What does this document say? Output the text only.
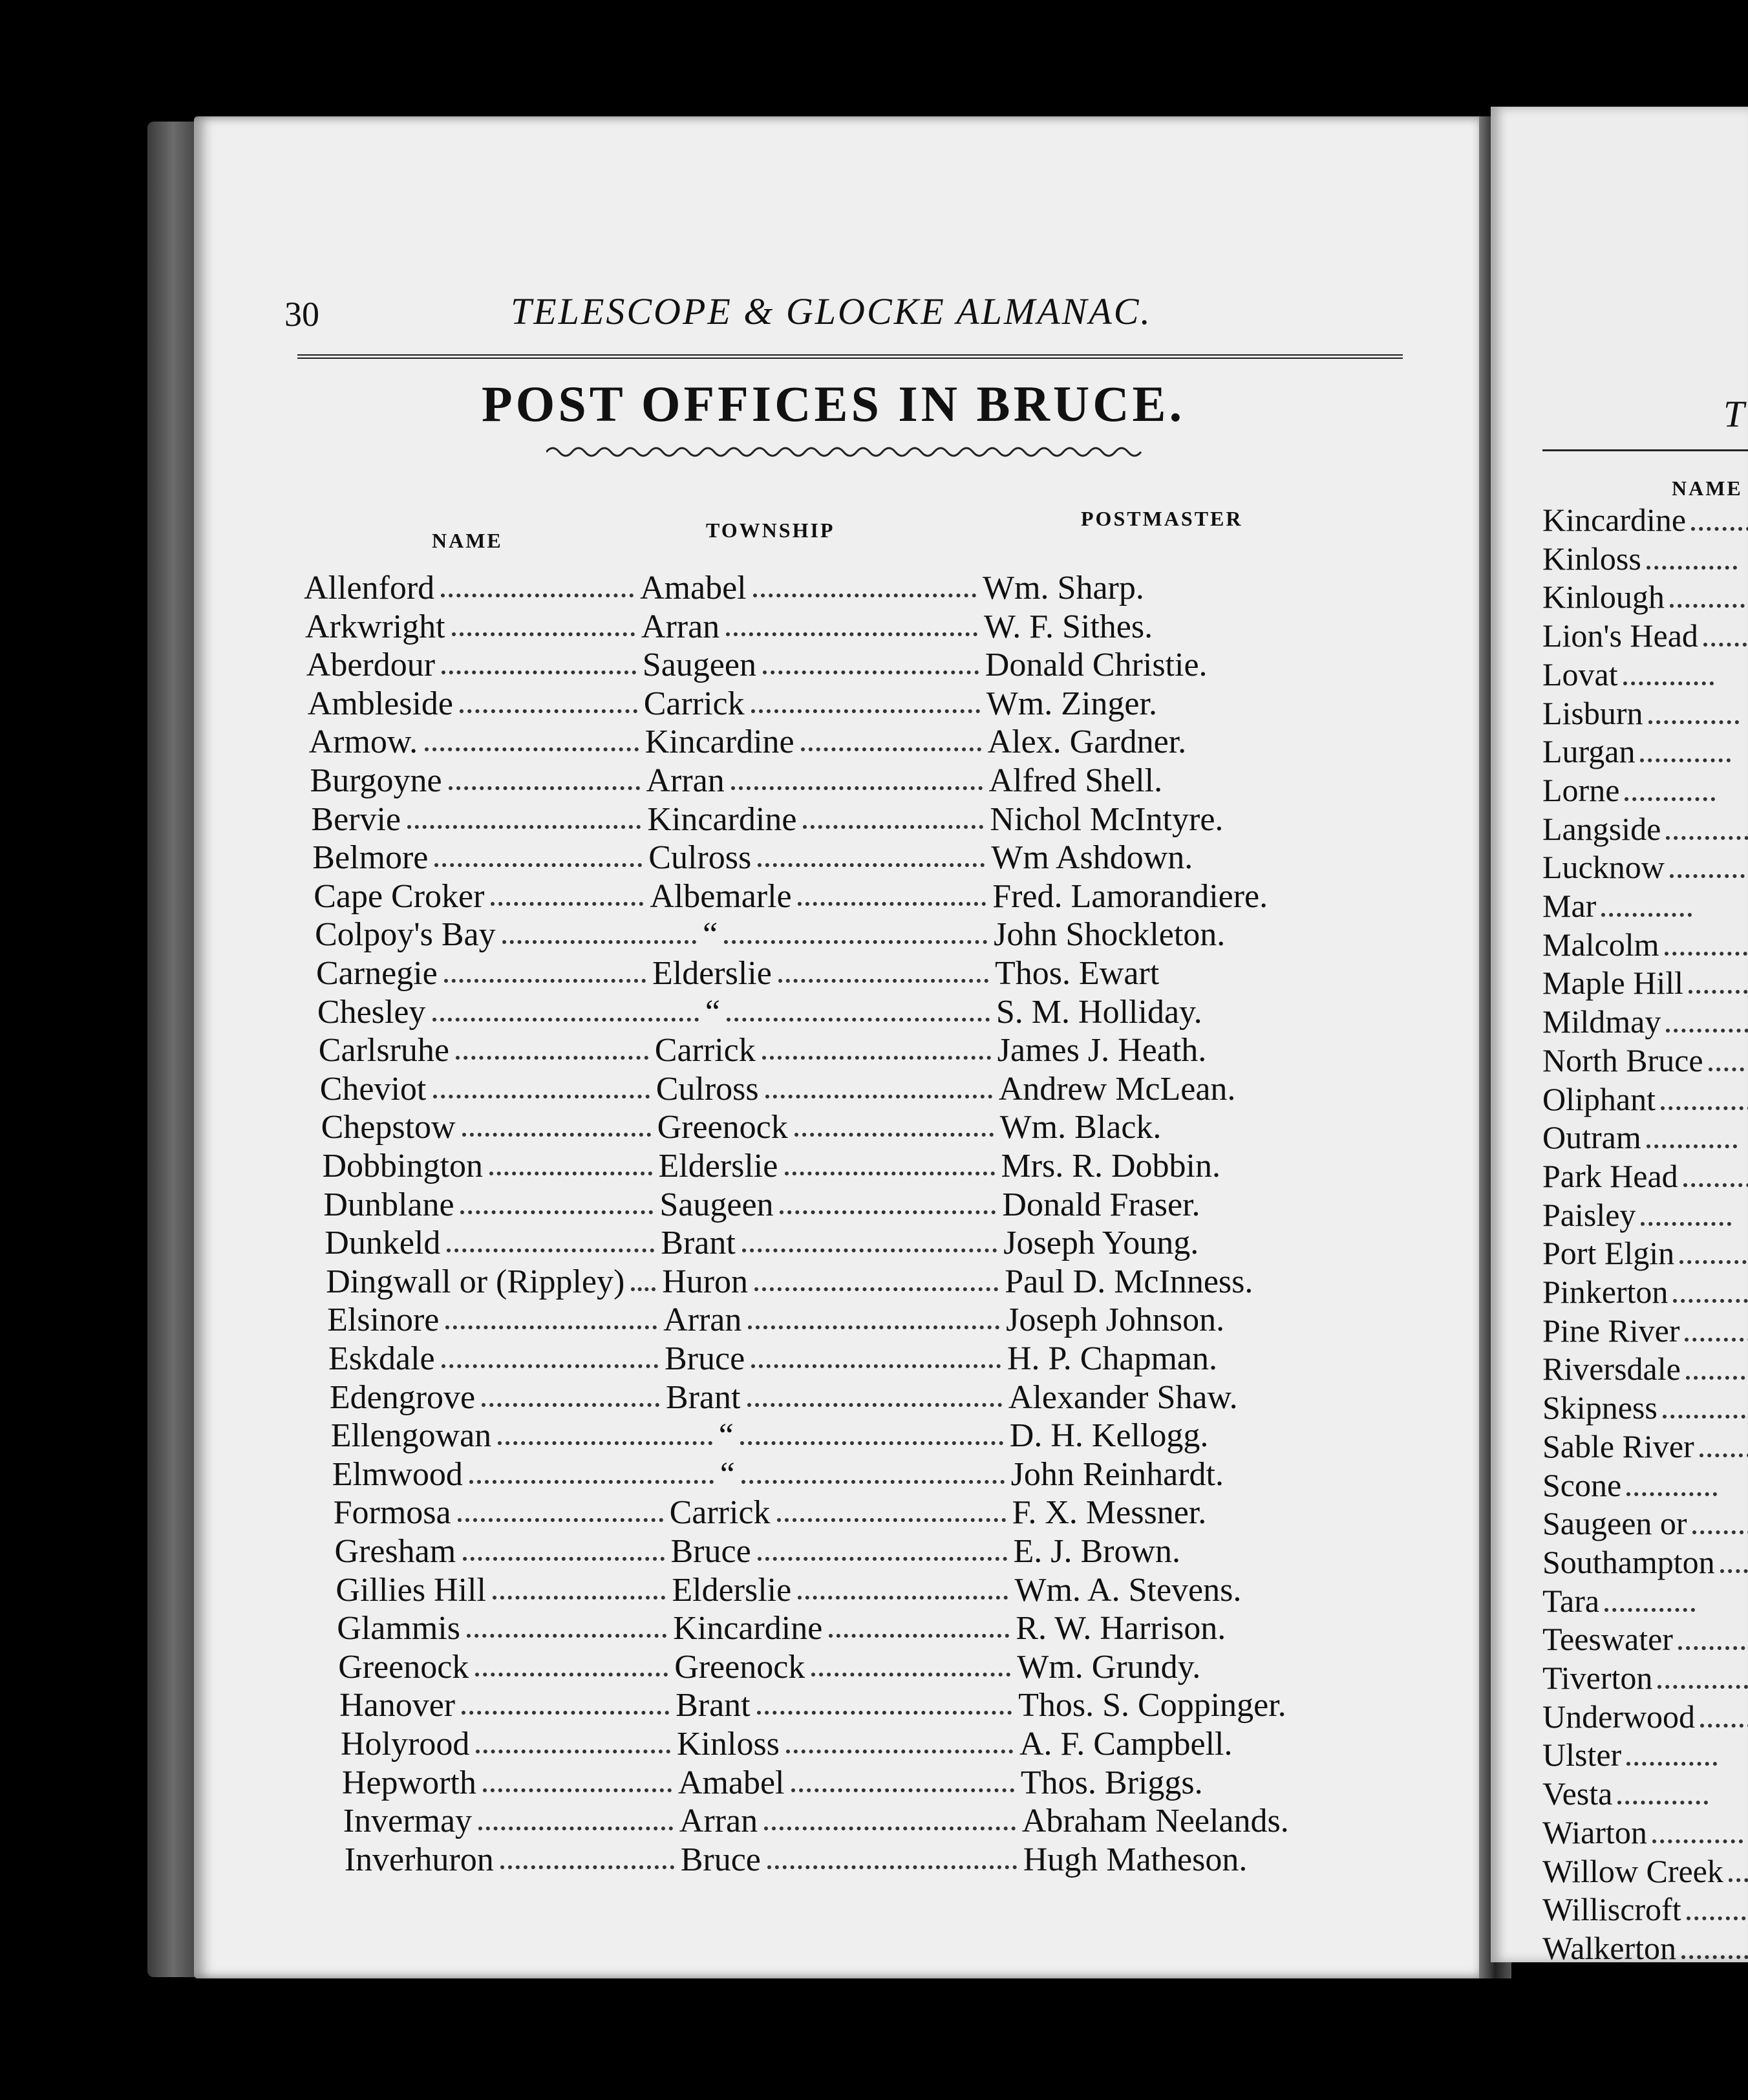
30	TELESCOPE & GLOCKE ALMANAC.
POST OFFICES IN BRUCE.
NAME	TOWNSHIP	POSTMASTER
Allenford	Amabel	Wm. Sharp.
Arkwright	Arran	W. F. Sithes.
Aberdour	Saugeen	Donald Christie.
Ambleside	Carrick	Wm. Zinger.
Armow.	Kincardine	Alex. Gardner.
Burgoyne	Arran	Alfred Shell.
Bervie	Kincardine	Nichol McIntyre.
Belmore	Culross	Wm Ashdown.
Cape Croker	Albemarle	Fred. Lamorandiere.
Colpoy's Bay	“	John Shockleton.
Carnegie	Elderslie	Thos. Ewart
Chesley	“	S. M. Holliday.
Carlsruhe	Carrick	James J. Heath.
Cheviot	Culross	Andrew McLean.
Chepstow	Greenock	Wm. Black.
Dobbington	Elderslie	Mrs. R. Dobbin.
Dunblane	Saugeen	Donald Fraser.
Dunkeld	Brant	Joseph Young.
Dingwall or (Rippley) Huron	Paul D. McInness.
Elsinore	Arran	Joseph Johnson.
Eskdale	Bruce	H. P. Chapman.
Edengrove	Brant	Alexander Shaw.
Ellengowan	“	D. H. Kellogg.
Elmwood	“	John Reinhardt.
Formosa	Carrick	F. X. Messner.
Gresham	Bruce	E. J. Brown.
Gillies Hill	Elderslie	Wm. A. Stevens.
Glammis	Kincardine	R. W. Harrison.
Greenock	Greenock	Wm. Grundy.
Hanover	Brant	Thos. S. Coppinger.
Holyrood	Kinloss	A. F. Campbell.
Hepworth	Amabel	Thos. Briggs.
Invermay	Arran	Abraham Neelands.
Inverhuron	Bruce	Hugh Matheson.
T
NAME
Kincardine
Kinloss
Kinlough
Lion's Head
Lovat
Lisburn
Lurgan
Lorne
Langside
Lucknow
Mar
Malcolm
Maple Hill
Mildmay
North Bruce
Oliphant
Outram
Park Head
Paisley
Port Elgin
Pinkerton
Pine River
Riversdale
Skipness
Sable River
Scone
Saugeen or
Southampton
Tara
Teeswater
Tiverton
Underwood
Ulster
Vesta
Wiarton
Willow Creek
Williscroft
Walkerton
